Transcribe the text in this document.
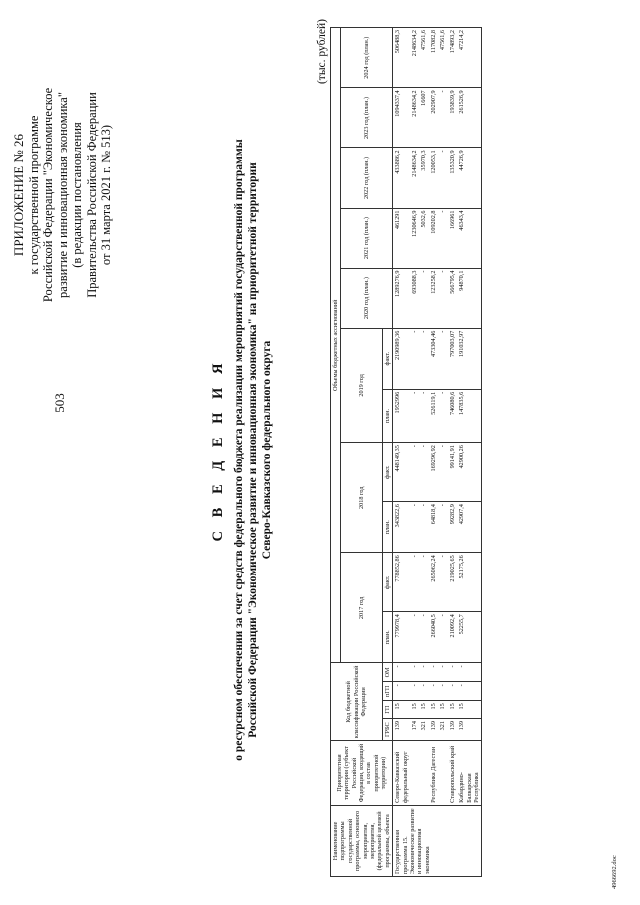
503
ПРИЛОЖЕНИЕ № 26 к государственной программе Российской Федерации "Экономическое развитие и инновационная экономика" (в редакции постановления Правительства Российской Федерации от 31 марта 2021 г. № 513)
С В Е Д Е Н И Я о ресурсном обеспечении за счет средств федерального бюджета реализации мероприятий государственной программы Российской Федерации "Экономическое развитие и инновационная экономика" на приоритетной территории Северо-Кавказского федерального округа
(тыс. рублей)
Наименование подпрограммы государственной программы, основного мероприятия, мероприятия, (федеральной целевой программы, объекта	Приоритетная территория (субъект Российской Федерации, входящий в состав приоритетной территории)	Код бюджетной классификации Российской Федерации				Объемы бюджетных ассигнований										
						2017 год		2018 год		2019 год		2020 год (план.)	2021 год (план.)	2022 год (план.)	2023 год (план.)	2024 год (план.)
		ГРБС	ГП	пГП	ОМ	план.	факт.	план.	факт.	план.	факт.					
Государственная программа 15. Экономическое развитие и инновационная экономика	Северо-Кавказский федеральный округ	139	15	-	-	779978,4	778852,86	343822,6	448149,35	1952996	2190989,36	1289276,9	461291	433886,2	1094337,4	506488,3
		174	15	-	-	-	-	-	-	-	-	693088,3	1230646,9	2148634,2	2148634,2	2148634,2
		321	15	-	-	-	-	-	-	-	-	-	5032,6	35970,3	16607	47561,6
	Республика Дагестан	139	15	-	-	266040,5	265062,24	64818,4	169296,92	526119,1	473304,46	123258,2	109202,8	120053,1	202907,9	117082,8
		321	15	-	-	-	-	-	-	-	-	-	-	-	-	47561,6
	Ставропольский край	139	15	-	-	210092,4	219025,65	99282,9	99141,91	746080,6	797003,07	566795,4	166961	135320,9	193839,9	174893,2
	Кабардино-Балкарская Республика	139	15	-	-	52255,7	52175,26	42907,4	42900,26	147835,6	191032,97	94870,1	46343,4	44726,9	261526,9	47214,2
4966692.doc
